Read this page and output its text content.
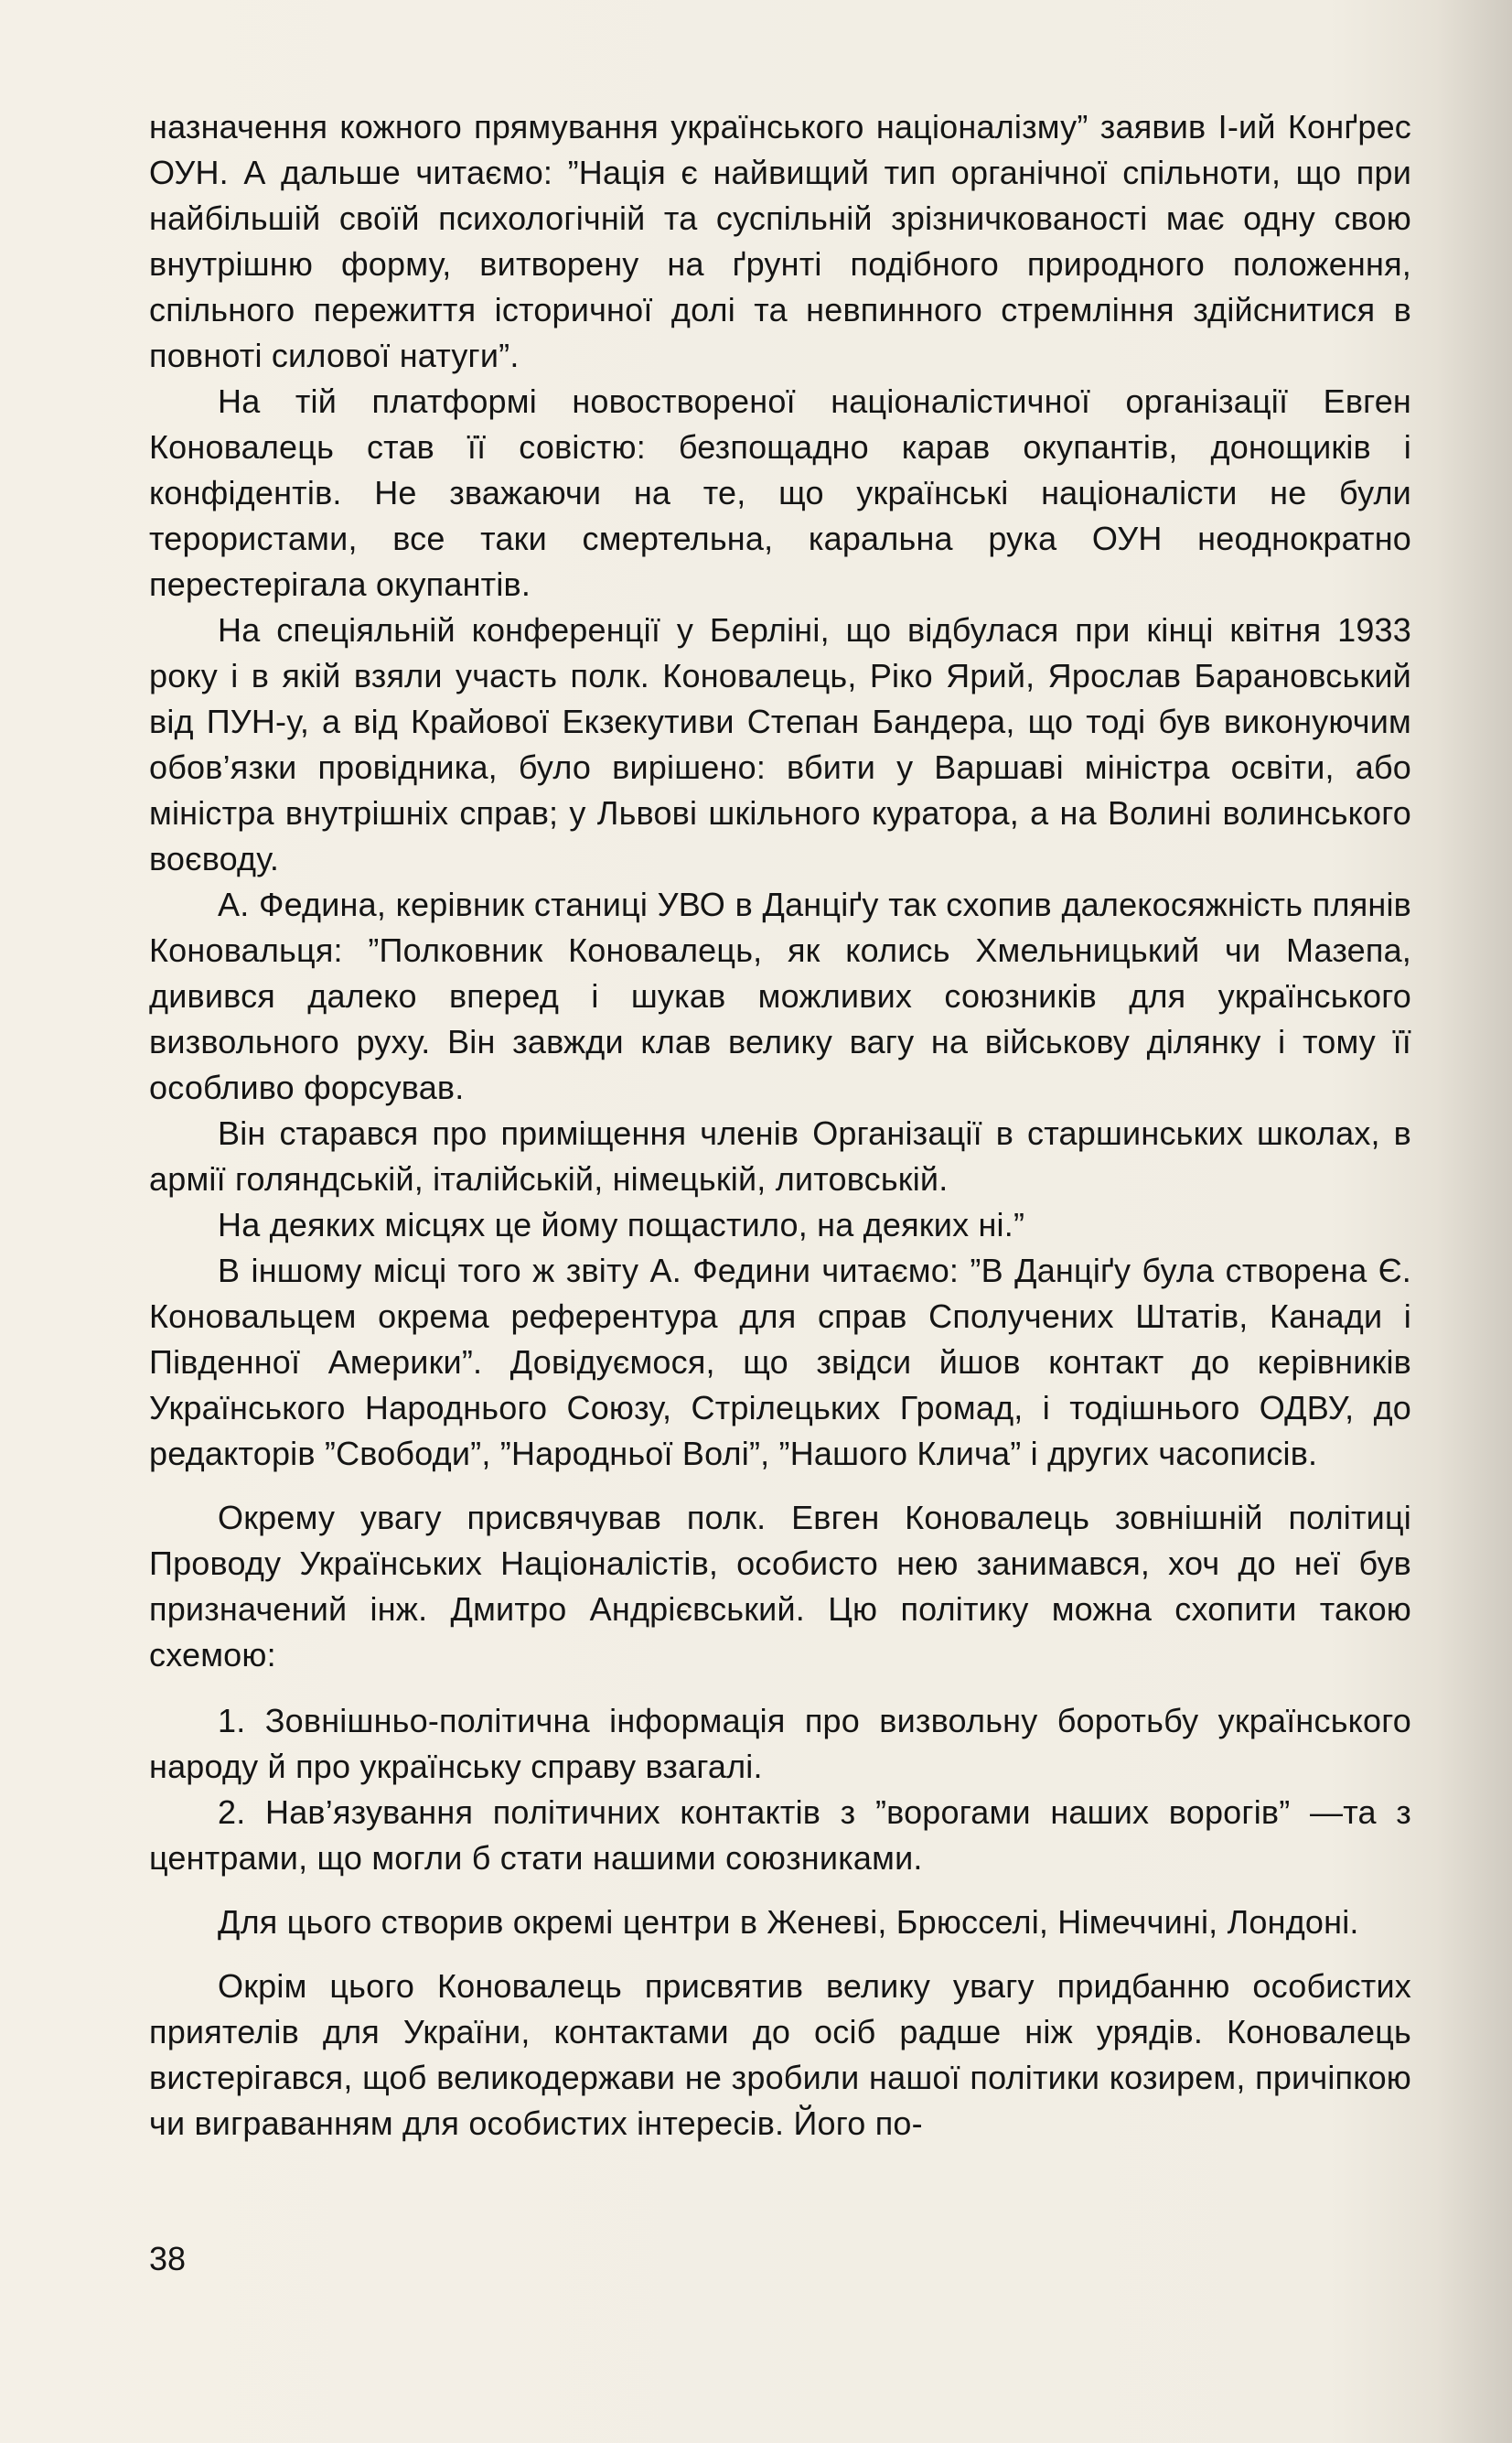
назначення кожного прямування українського націоналізму” заявив І-ий Конґрес ОУН. А дальше читаємо: ”Нація є найвищий тип органічної спільноти, що при найбільшій своїй психологічній та суспільній зрізничкованості має одну свою внутрішню форму, витворену на ґрунті подібного природного положення, спільного пережиття історичної долі та невпинного стремління здійснитися в повноті силової натуги”.

На тій платформі новоствореної націоналістичної організації Евген Коновалець став її совістю: безпощадно карав окупантів, донощиків і конфідентів. Не зважаючи на те, що українські націоналісти не були терористами, все таки смертельна, каральна рука ОУН неоднократно перестерігала окупантів.

На спеціяльній конференції у Берліні, що відбулася при кінці квітня 1933 року і в якій взяли участь полк. Коновалець, Ріко Ярий, Ярослав Барановський від ПУН-у, а від Крайової Екзекутиви Степан Бандера, що тоді був виконуючим обов’язки провідника, було вирішено: вбити у Варшаві міністра освіти, або міністра внутрішніх справ; у Львові шкільного куратора, а на Волині волинського воєводу.

А. Федина, керівник станиці УВО в Данціґу так схопив далекосяжність плянів Коновальця: ”Полковник Коновалець, як колись Хмельницький чи Мазепа, дивився далеко вперед і шукав можливих союзників для українського визвольного руху. Він завжди клав велику вагу на військову ділянку і тому її особливо форсував.

Він старався про приміщення членів Організації в старшинських школах, в армії голяндській, італійській, німецькій, литовській.

На деяких місцях це йому пощастило, на деяких ні.”

В іншому місці того ж звіту А. Федини читаємо: ”В Данціґу була створена Є. Коновальцем окрема референтура для справ Сполучених Штатів, Канади і Південної Америки”. Довідуємося, що звідси йшов контакт до керівників Українського Народнього Союзу, Стрілецьких Громад, і тодішнього ОДВУ, до редакторів ”Свободи”, ”Народньої Волі”, ”Нашого Клича” і других часописів.

Окрему увагу присвячував полк. Евген Коновалець зовнішній політиці Проводу Українських Націоналістів, особисто нею занимався, хоч до неї був призначений інж. Дмитро Андрієвський. Цю політику можна схопити такою схемою:

1. Зовнішньо-політична інформація про визвольну боротьбу українського народу й про українську справу взагалі.

2. Нав’язування політичних контактів з ”ворогами наших ворогів” —та з центрами, що могли б стати нашими союзниками.

Для цього створив окремі центри в Женеві, Брюсселі, Німеччині, Лондоні.

Окрім цього Коновалець присвятив велику увагу придбанню особистих приятелів для України, контактами до осіб радше ніж урядів. Коновалець вистерігався, щоб великодержави не зробили нашої політики козирем, причіпкою чи виграванням для особистих інтересів. Його по-

38
